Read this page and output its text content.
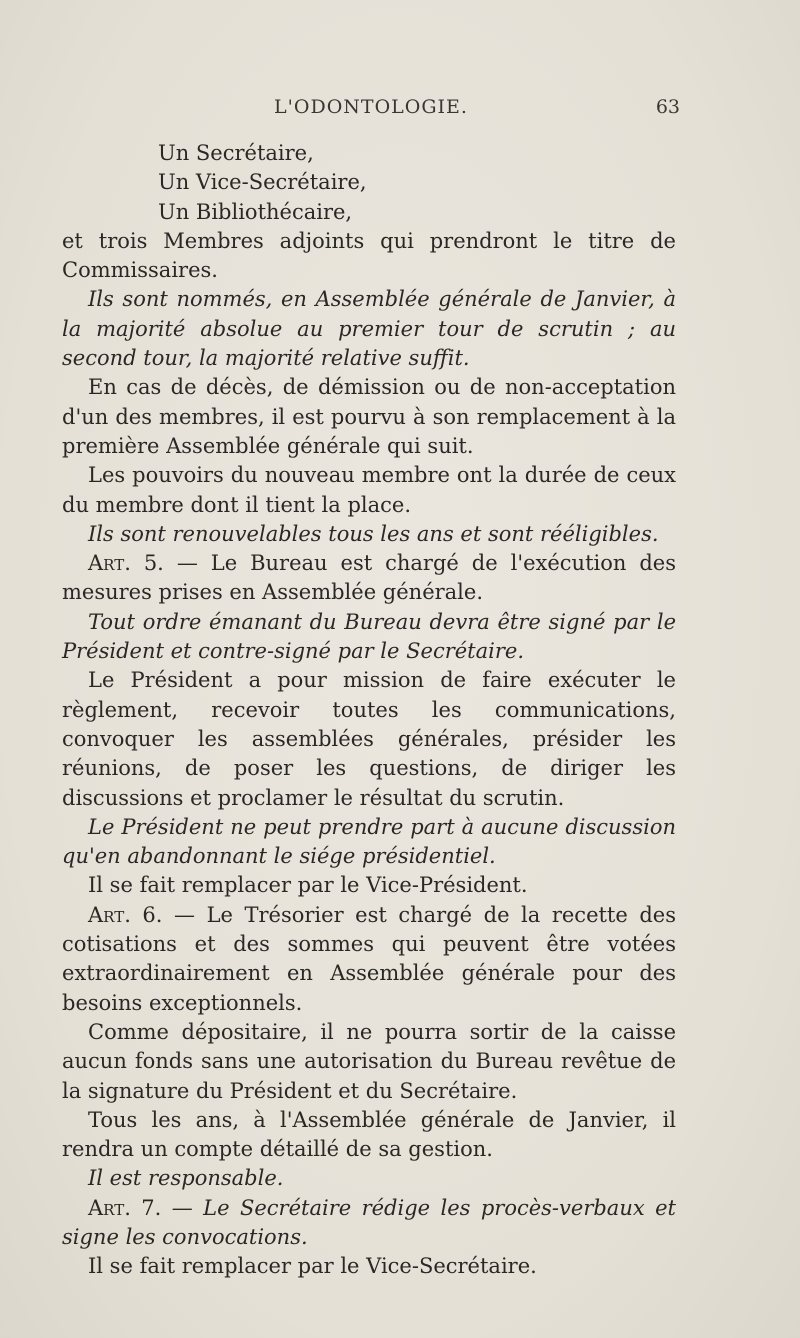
L'ODONTOLOGIE.	63

Un Secrétaire,

Un Vice-Secrétaire,

Un Bibliothécaire,

et trois Membres adjoints qui prendront le titre de Commissaires.

Ils sont nommés, en Assemblée générale de Janvier, à la majorité absolue au premier tour de scrutin ; au second tour, la majorité relative suffit.

En cas de décès, de démission ou de non-acceptation d'un des membres, il est pourvu à son remplacement à la première Assemblée générale qui suit.

Les pouvoirs du nouveau membre ont la durée de ceux du membre dont il tient la place.

Ils sont renouvelables tous les ans et sont rééligibles.

Art. 5. — Le Bureau est chargé de l'exécution des mesures prises en Assemblée générale.

Tout ordre émanant du Bureau devra être signé par le Président et contre-signé par le Secrétaire.

Le Président a pour mission de faire exécuter le règlement, recevoir toutes les communications, convoquer les assemblées générales, présider les réunions, de poser les questions, de diriger les discussions et proclamer le résultat du scrutin.

Le Président ne peut prendre part à aucune discussion qu'en abandonnant le siége présidentiel.

Il se fait remplacer par le Vice-Président.

Art. 6. — Le Trésorier est chargé de la recette des cotisations et des sommes qui peuvent être votées extraordinairement en Assemblée générale pour des besoins exceptionnels.

Comme dépositaire, il ne pourra sortir de la caisse aucun fonds sans une autorisation du Bureau revêtue de la signature du Président et du Secrétaire.

Tous les ans, à l'Assemblée générale de Janvier, il rendra un compte détaillé de sa gestion.

Il est responsable.

Art. 7. — Le Secrétaire rédige les procès-verbaux et signe les convocations.

Il se fait remplacer par le Vice-Secrétaire.
